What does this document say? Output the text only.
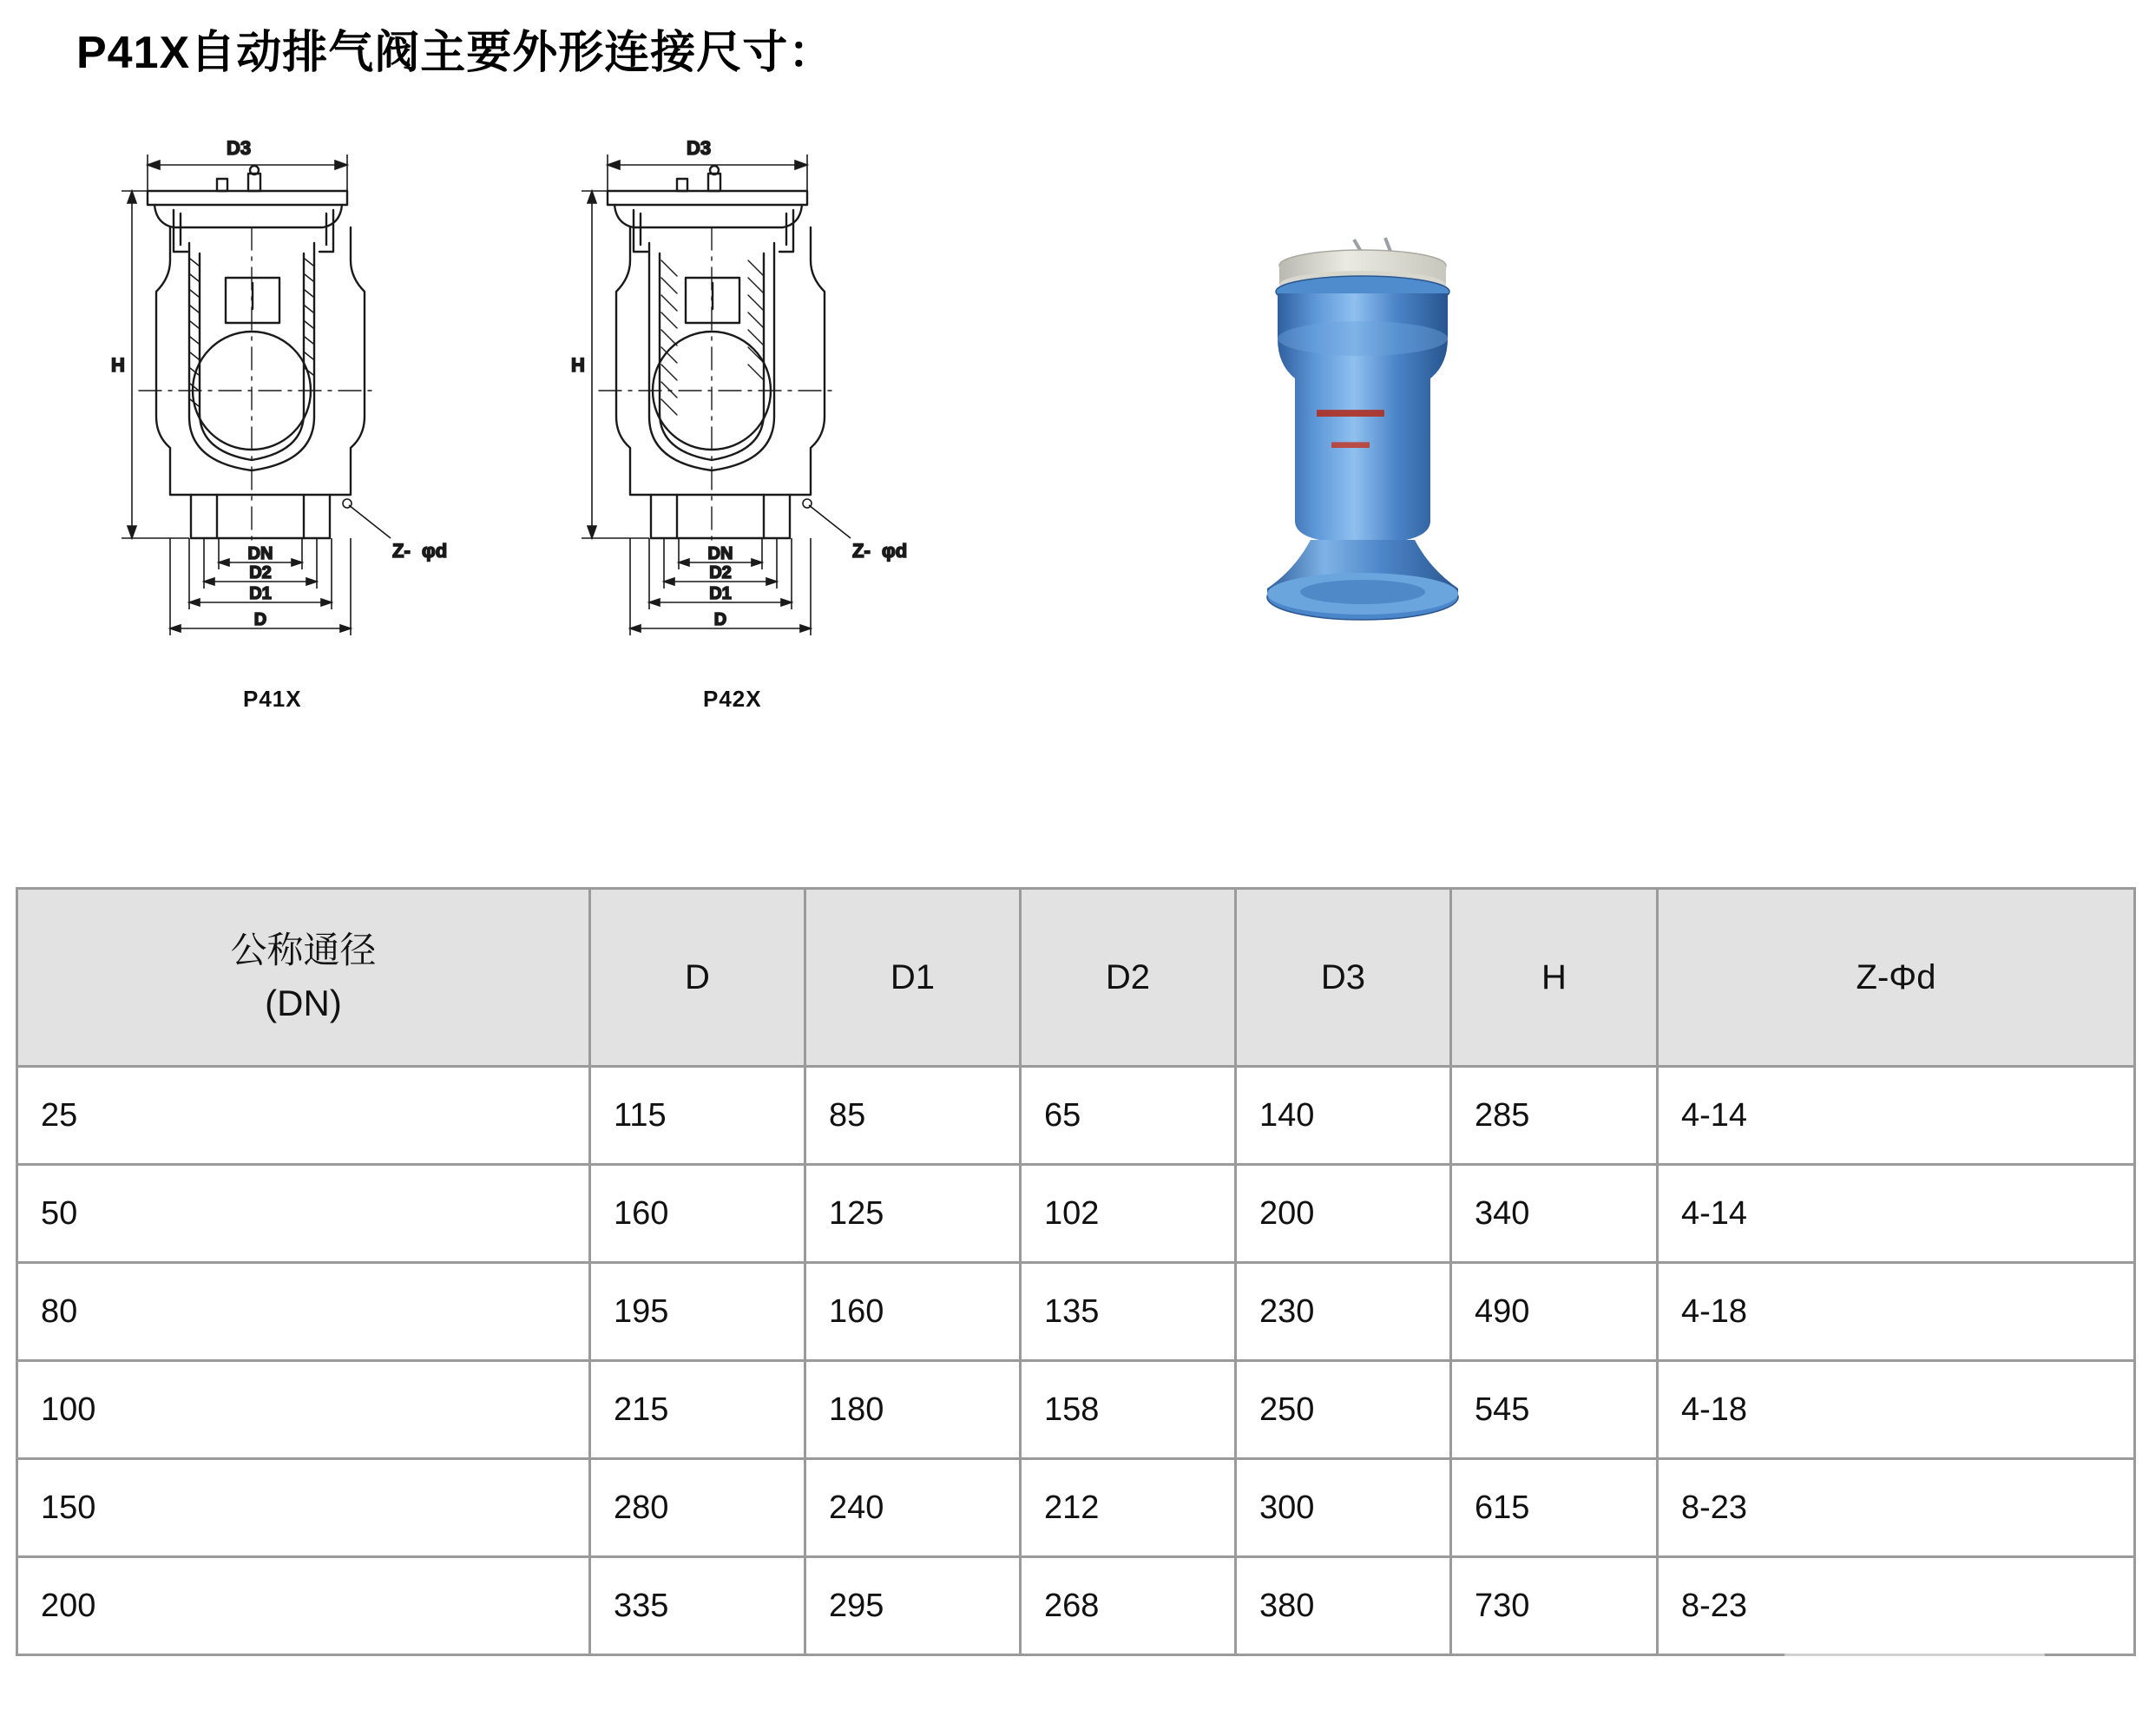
P41X自动排气阀主要外形连接尺寸：
D3
H
DN
D2
D1
D
Z- φd
P41X
D3
H
DN
D2
D1
D
Z- φd
P42X
▬▬▬
▬▬
公称通径
(DN)	D	D1	D2	D3	H	Z-Φd
25	115	85	65	140	285	4-14
50	160	125	102	200	340	4-14
80	195	160	135	230	490	4-18
100	215	180	158	250	545	4-18
150	280	240	212	300	615	8-23
200	335	295	268	380	730	8-23
